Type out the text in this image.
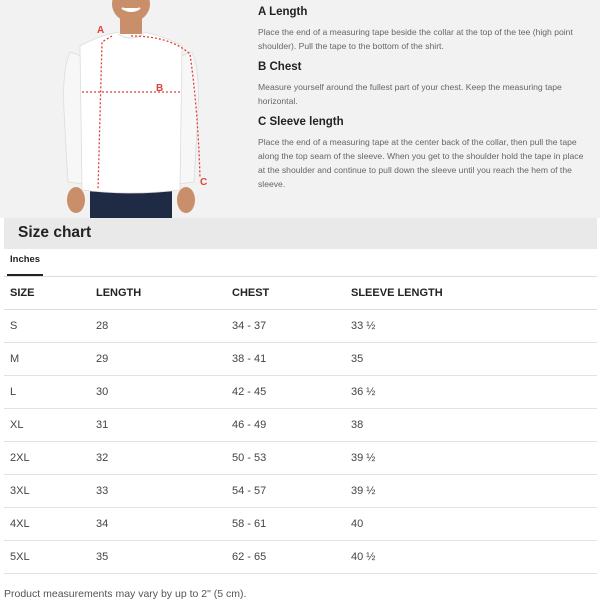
A
B
C

A Length

Place the end of a measuring tape beside the collar at the top of the tee (high point shoulder). Pull the tape to the bottom of the shirt.

B Chest

Measure yourself around the fullest part of your chest. Keep the measuring tape horizontal.

C Sleeve length

Place the end of a measuring tape at the center back of the collar, then pull the tape along the top seam of the sleeve. When you get to the shoulder hold the tape in place at the shoulder and continue to pull down the sleeve until you reach the hem of the sleeve.

Size chart
Inches
SIZE	LENGTH	CHEST	SLEEVE LENGTH
S	28	34 - 37	33 ½
M	29	38 - 41	35
L	30	42 - 45	36 ½
XL	31	46 - 49	38
2XL	32	50 - 53	39 ½
3XL	33	54 - 57	39 ½
4XL	34	58 - 61	40
5XL	35	62 - 65	40 ½
Product measurements may vary by up to 2" (5 cm).
